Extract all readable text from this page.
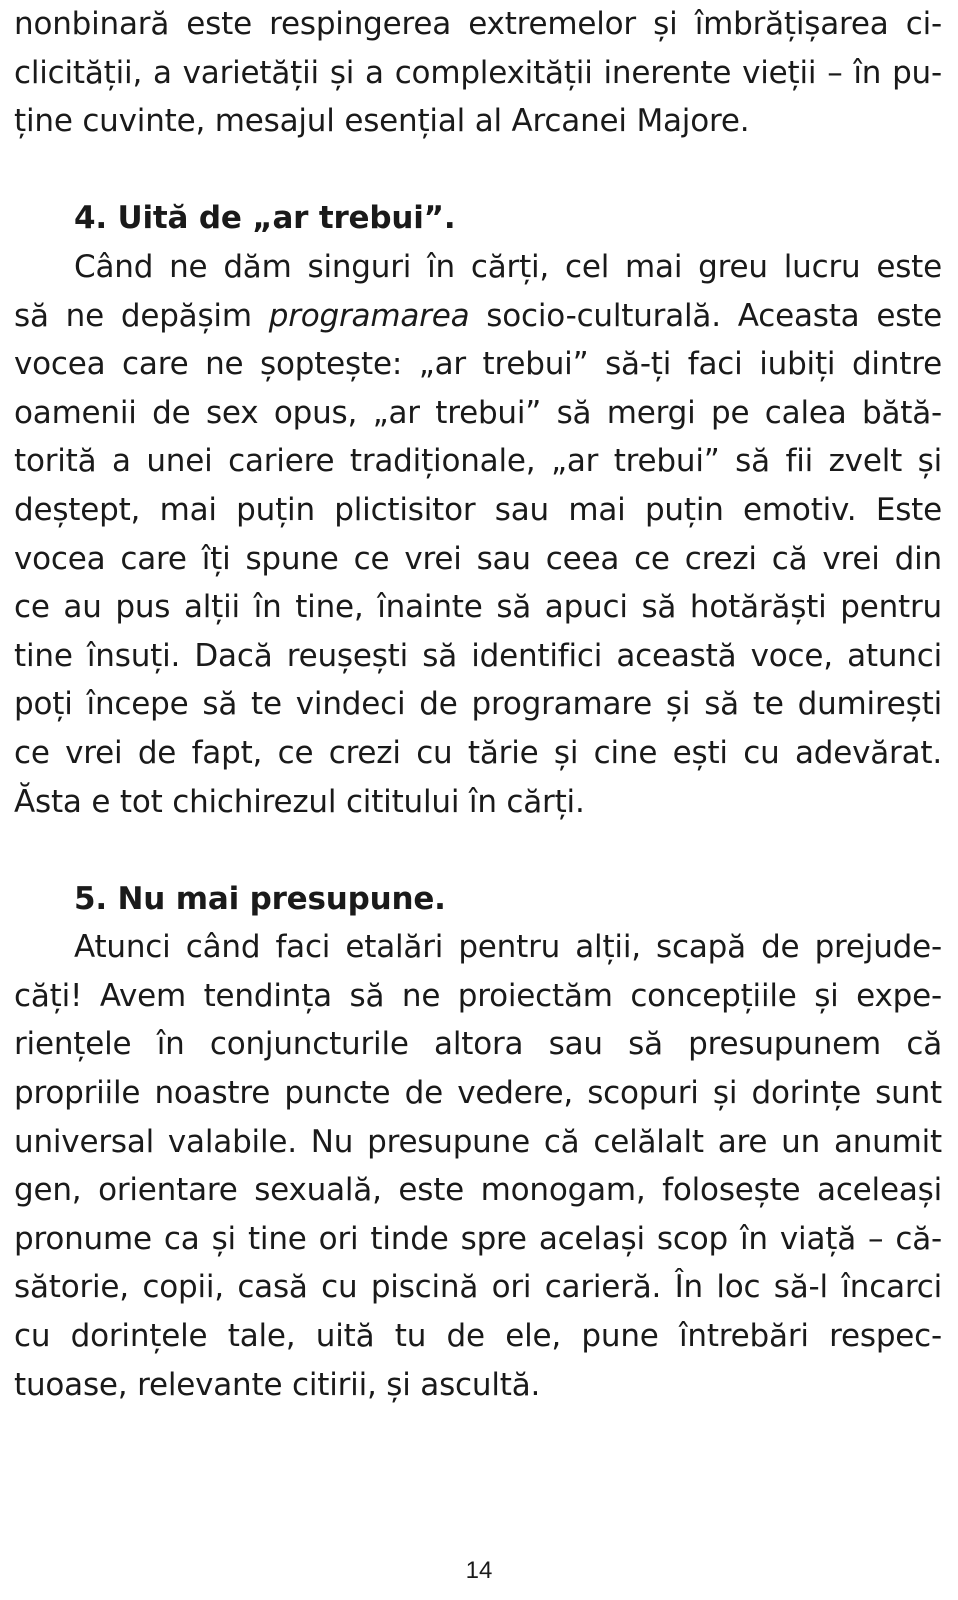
nonbinară este respingerea extremelor și îmbrățișarea ci-
clicității, a varietății și a complexității inerente vieții – în pu-
ține cuvinte, mesajul esențial al Arcanei Majore.
4. Uită de „ar trebui”.
Când ne dăm singuri în cărți, cel mai greu lucru este
să ne depășim programarea socio-culturală. Aceasta este
vocea care ne șoptește: „ar trebui” să-ți faci iubiți dintre
oamenii de sex opus, „ar trebui” să mergi pe calea bătă-
torită a unei cariere tradiționale, „ar trebui” să fii zvelt și
deștept, mai puțin plictisitor sau mai puțin emotiv. Este
vocea care îți spune ce vrei sau ceea ce crezi că vrei din
ce au pus alții în tine, înainte să apuci să hotărăști pentru
tine însuți. Dacă reușești să identifici această voce, atunci
poți începe să te vindeci de programare și să te dumirești
ce vrei de fapt, ce crezi cu tărie și cine ești cu adevărat.
Ăsta e tot chichirezul cititului în cărți.
5. Nu mai presupune.
Atunci când faci etalări pentru alții, scapă de prejude-
căți! Avem tendința să ne proiectăm concepțiile și expe-
riențele în conjuncturile altora sau să presupunem că
propriile noastre puncte de vedere, scopuri și dorințe sunt
universal valabile. Nu presupune că celălalt are un anumit
gen, orientare sexuală, este monogam, folosește aceleași
pronume ca și tine ori tinde spre același scop în viață – că-
sătorie, copii, casă cu piscină ori carieră. În loc să-l încarci
cu dorințele tale, uită tu de ele, pune întrebări respec-
tuoase, relevante citirii, și ascultă.
14
